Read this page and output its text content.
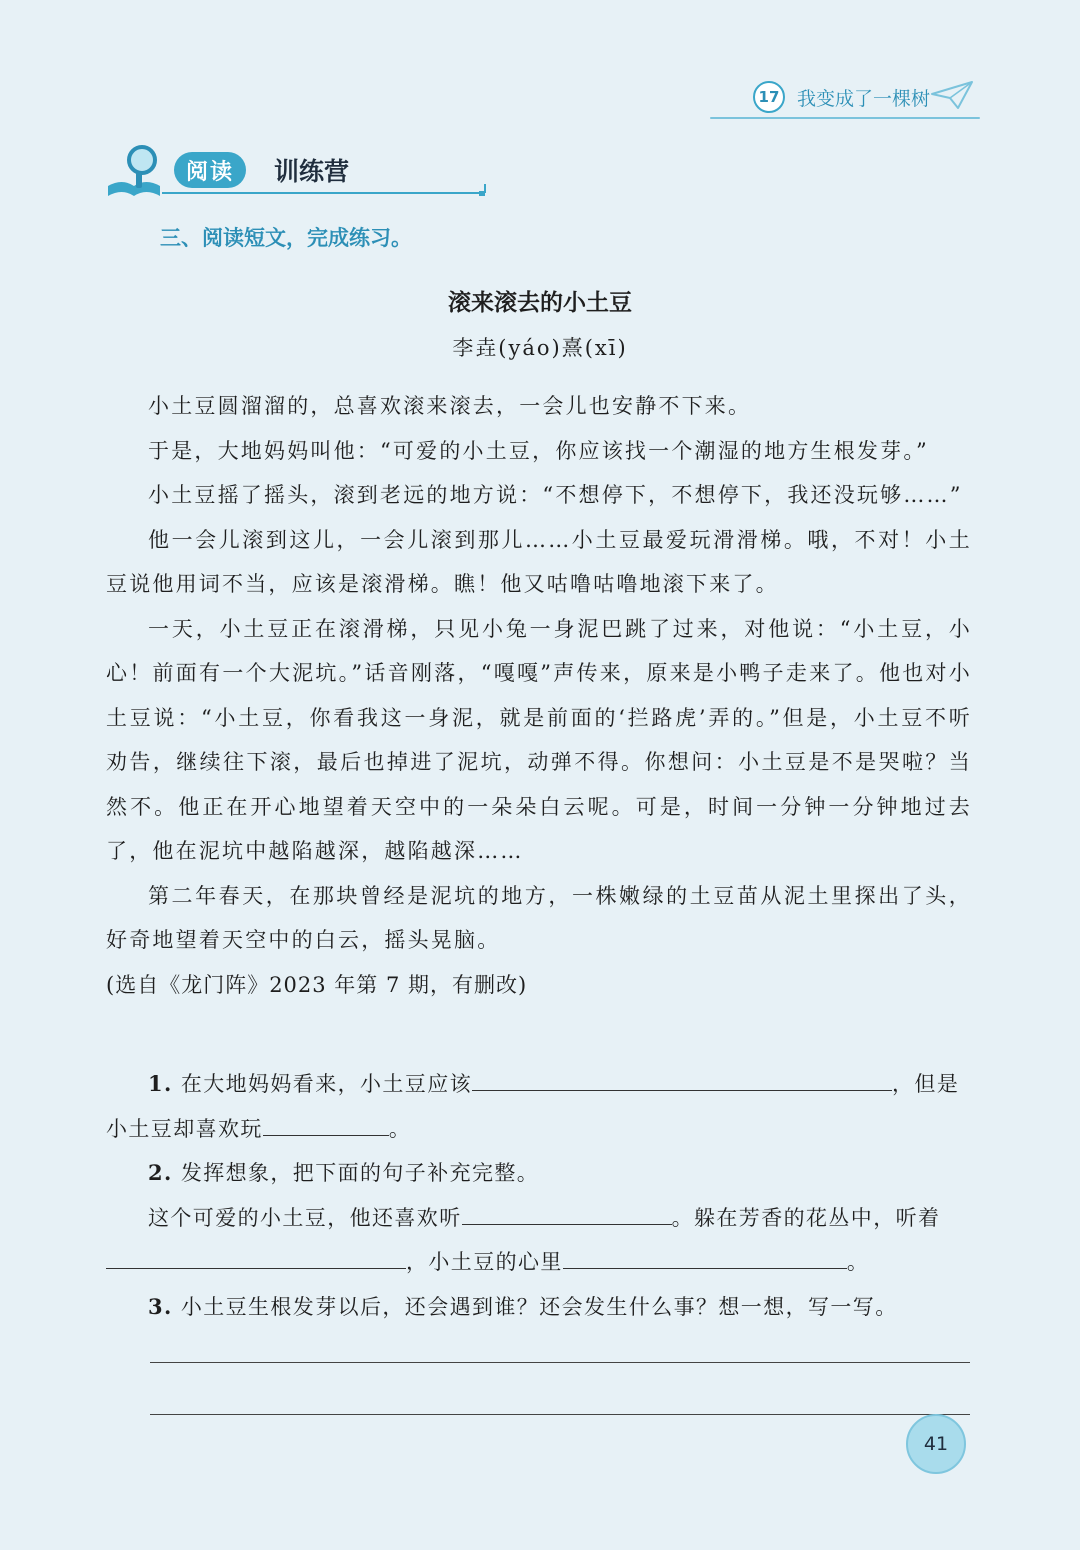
17 我变成了一棵树
阅读	训练营
三、阅读短文，完成练习。
滚来滚去的小土豆
李垚(yáo)熹(xī)

小土豆圆溜溜的，总喜欢滚来滚去，一会儿也安静不下来。

于是，大地妈妈叫他：“可爱的小土豆，你应该找一个潮湿的地方生根发芽。”

小土豆摇了摇头，滚到老远的地方说：“不想停下，不想停下，我还没玩够……”

他一会儿滚到这儿，一会儿滚到那儿……小土豆最爱玩滑滑梯。哦，不对！小土豆说他用词不当，应该是滚滑梯。瞧！他又咕噜咕噜地滚下来了。

一天，小土豆正在滚滑梯，只见小兔一身泥巴跳了过来，对他说：“小土豆，小心！前面有一个大泥坑。”话音刚落，“嘎嘎”声传来，原来是小鸭子走来了。他也对小土豆说：“小土豆，你看我这一身泥，就是前面的‘拦路虎’弄的。”但是，小土豆不听劝告，继续往下滚，最后也掉进了泥坑，动弹不得。你想问：小土豆是不是哭啦？当然不。他正在开心地望着天空中的一朵朵白云呢。可是，时间一分钟一分钟地过去了，他在泥坑中越陷越深，越陷越深……

第二年春天，在那块曾经是泥坑的地方，一株嫩绿的土豆苗从泥土里探出了头，好奇地望着天空中的白云，摇头晃脑。

(选自《龙门阵》2023 年第 7 期，有删改)

1. 在大地妈妈看来，小土豆应该	，但是小土豆却喜欢玩	。

2. 发挥想象，把下面的句子补充完整。

这个可爱的小土豆，他还喜欢听	。躲在芳香的花丛中，听着，小土豆的心里	。

3. 小土豆生根发芽以后，还会遇到谁？还会发生什么事？想一想，写一写。

41
